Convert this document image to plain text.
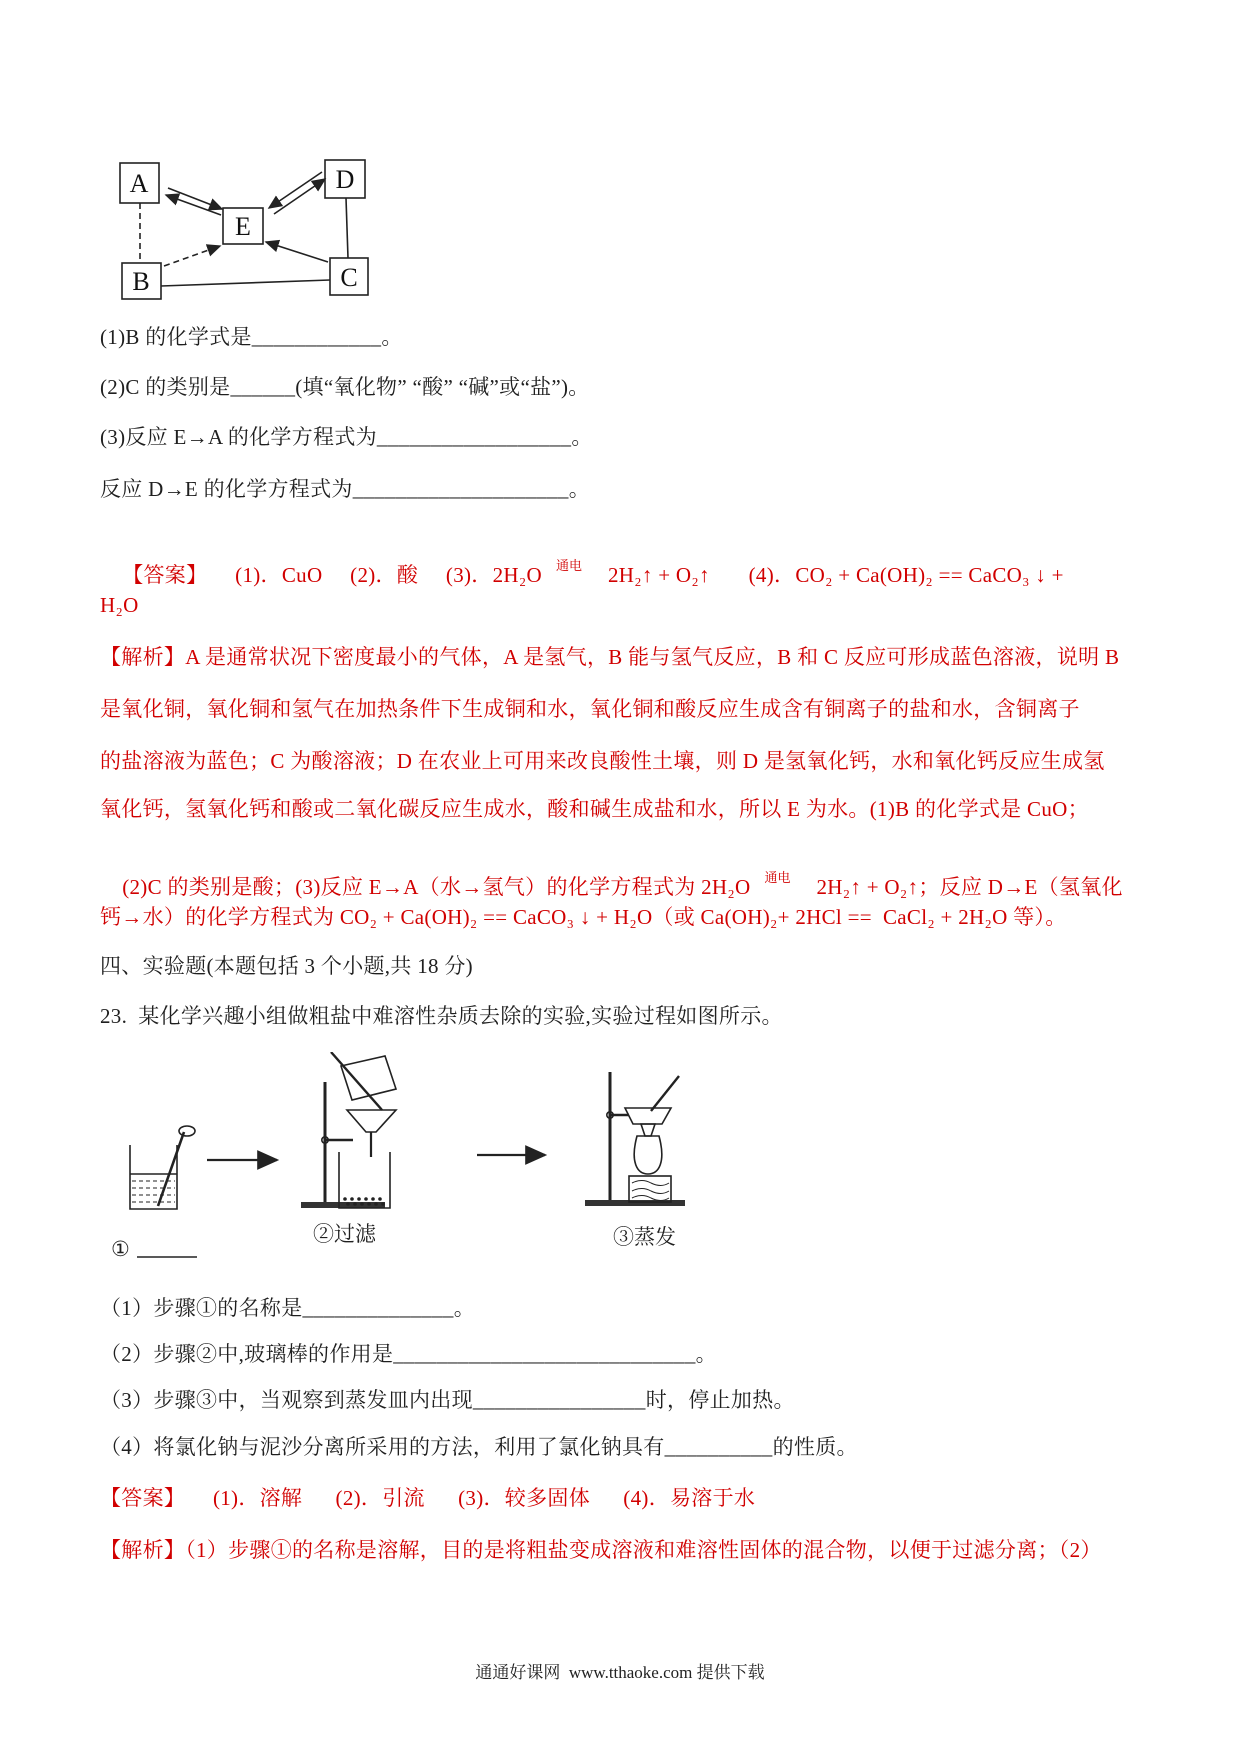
A	D
E
B	C
(1)B 的化学式是____________。
(2)C 的类别是______(填“氧化物” “酸” “碱”或“盐”)。
(3)反应 E→A 的化学方程式为__________________。
反应 D→E 的化学方程式为____________________。

【答案】     (1)．CuO     (2)．酸     (3)．2H₂O 通电 2H₂↑ + O₂↑       (4)．CO₂ + Ca(OH)₂ == CaCO₃ ↓ +

H₂O
【解析】A 是通常状况下密度最小的气体，A 是氢气，B 能与氢气反应，B 和 C 反应可形成蓝色溶液，说明 B
是氧化铜，氧化铜和氢气在加热条件下生成铜和水，氧化铜和酸反应生成含有铜离子的盐和水，含铜离子
的盐溶液为蓝色；C 为酸溶液；D 在农业上可用来改良酸性土壤，则 D 是氢氧化钙，水和氧化钙反应生成氢
氧化钙，氢氧化钙和酸或二氧化碳反应生成水，酸和碱生成盐和水，所以 E 为水。(1)B 的化学式是 CuO；

(2)C 的类别是酸；(3)反应 E→A（水→氢气）的化学方程式为 2H₂O 通电 2H₂↑ + O₂↑；反应 D→E（氢氧化

钙→水）的化学方程式为 CO₂ + Ca(OH)₂ == CaCO₃ ↓ + H₂O（或 Ca(OH)₂+ 2HCl ==  CaCl₂ + 2H₂O 等）。
四、实验题(本题包括 3 个小题,共 18 分)
23.  某化学兴趣小组做粗盐中难溶性杂质去除的实验,实验过程如图所示。
①
②过滤	③蒸发
（1）步骤①的名称是______________。
（2）步骤②中,玻璃棒的作用是____________________________。
（3）步骤③中，当观察到蒸发皿内出现________________时，停止加热。
（4）将氯化钠与泥沙分离所采用的方法，利用了氯化钠具有__________的性质。
【答案】     (1)．溶解      (2)．引流      (3)．较多固体      (4)．易溶于水
【解析】（1）步骤①的名称是溶解，目的是将粗盐变成溶液和难溶性固体的混合物，以便于过滤分离；（2）
通通好课网  www.tthaoke.com 提供下载
